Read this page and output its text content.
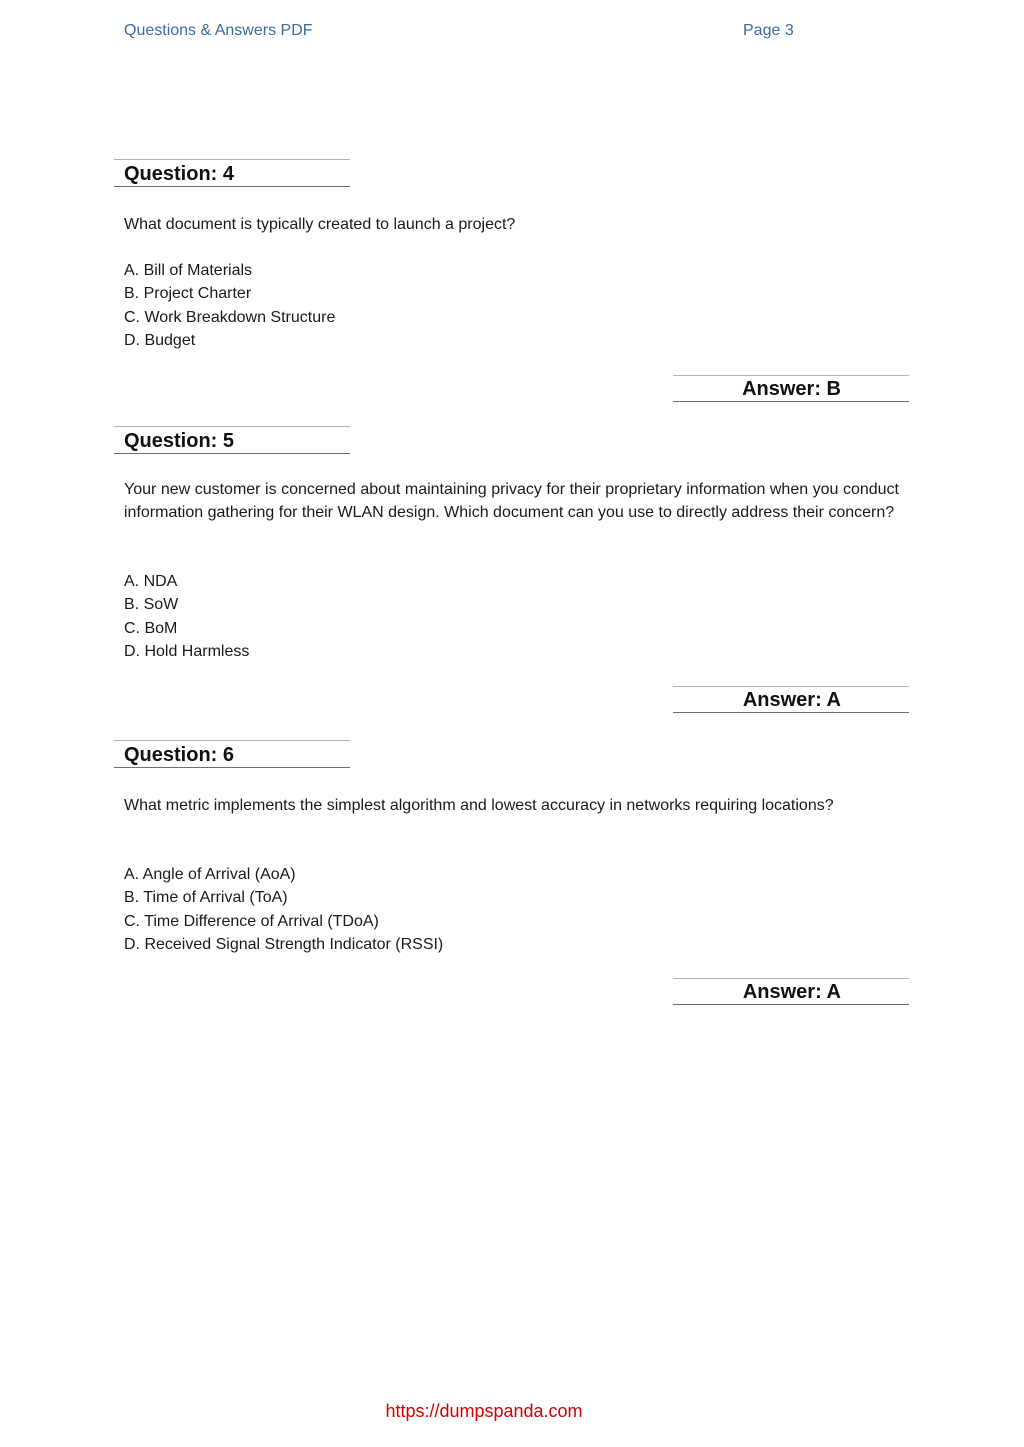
Questions & Answers PDF	Page 3
Question: 4
What document is typically created to launch a project?
A. Bill of Materials
B. Project Charter
C. Work Breakdown Structure
D. Budget
Answer: B
Question: 5
Your new customer is concerned about maintaining privacy for their proprietary information when you conduct information gathering for their WLAN design. Which document can you use to directly address their concern?
A. NDA
B. SoW
C. BoM
D. Hold Harmless
Answer: A
Question: 6
What metric implements the simplest algorithm and lowest accuracy in networks requiring locations?
A. Angle of Arrival (AoA)
B. Time of Arrival (ToA)
C. Time Difference of Arrival (TDoA)
D. Received Signal Strength Indicator (RSSI)
Answer: A
https://dumpspanda.com
